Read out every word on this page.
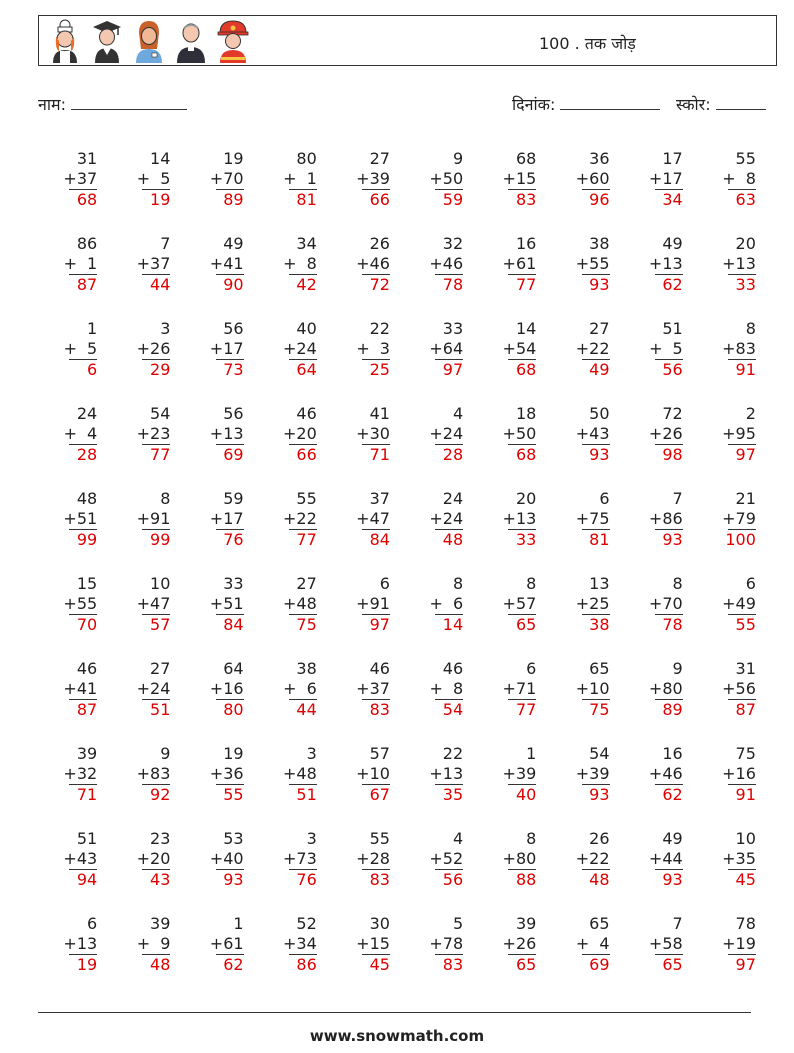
100 . तक जोड़
नाम:	दिनांक:	स्कोर:
31
+ 37
68
14
+ 5
19
19
+ 70
89
80
+ 1
81
27
+ 39
66
9
+ 50
59
68
+ 15
83
36
+ 60
96
17
+ 17
34
55
+ 8
63
86
+ 1
87
7
+ 37
44
49
+ 41
90
34
+ 8
42
26
+ 46
72
32
+ 46
78
16
+ 61
77
38
+ 55
93
49
+ 13
62
20
+ 13
33
1
+ 5
6
3
+ 26
29
56
+ 17
73
40
+ 24
64
22
+ 3
25
33
+ 64
97
14
+ 54
68
27
+ 22
49
51
+ 5
56
8
+ 83
91
24
+ 4
28
54
+ 23
77
56
+ 13
69
46
+ 20
66
41
+ 30
71
4
+ 24
28
18
+ 50
68
50
+ 43
93
72
+ 26
98
2
+ 95
97
48
+ 51
99
8
+ 91
99
59
+ 17
76
55
+ 22
77
37
+ 47
84
24
+ 24
48
20
+ 13
33
6
+ 75
81
7
+ 86
93
21
+ 79
100
15
+ 55
70
10
+ 47
57
33
+ 51
84
27
+ 48
75
6
+ 91
97
8
+ 6
14
8
+ 57
65
13
+ 25
38
8
+ 70
78
6
+ 49
55
46
+ 41
87
27
+ 24
51
64
+ 16
80
38
+ 6
44
46
+ 37
83
46
+ 8
54
6
+ 71
77
65
+ 10
75
9
+ 80
89
31
+ 56
87
39
+ 32
71
9
+ 83
92
19
+ 36
55
3
+ 48
51
57
+ 10
67
22
+ 13
35
1
+ 39
40
54
+ 39
93
16
+ 46
62
75
+ 16
91
51
+ 43
94
23
+ 20
43
53
+ 40
93
3
+ 73
76
55
+ 28
83
4
+ 52
56
8
+ 80
88
26
+ 22
48
49
+ 44
93
10
+ 35
45
6
+ 13
19
39
+ 9
48
1
+ 61
62
52
+ 34
86
30
+ 15
45
5
+ 78
83
39
+ 26
65
65
+ 4
69
7
+ 58
65
78
+ 19
97
www.snowmath.com
